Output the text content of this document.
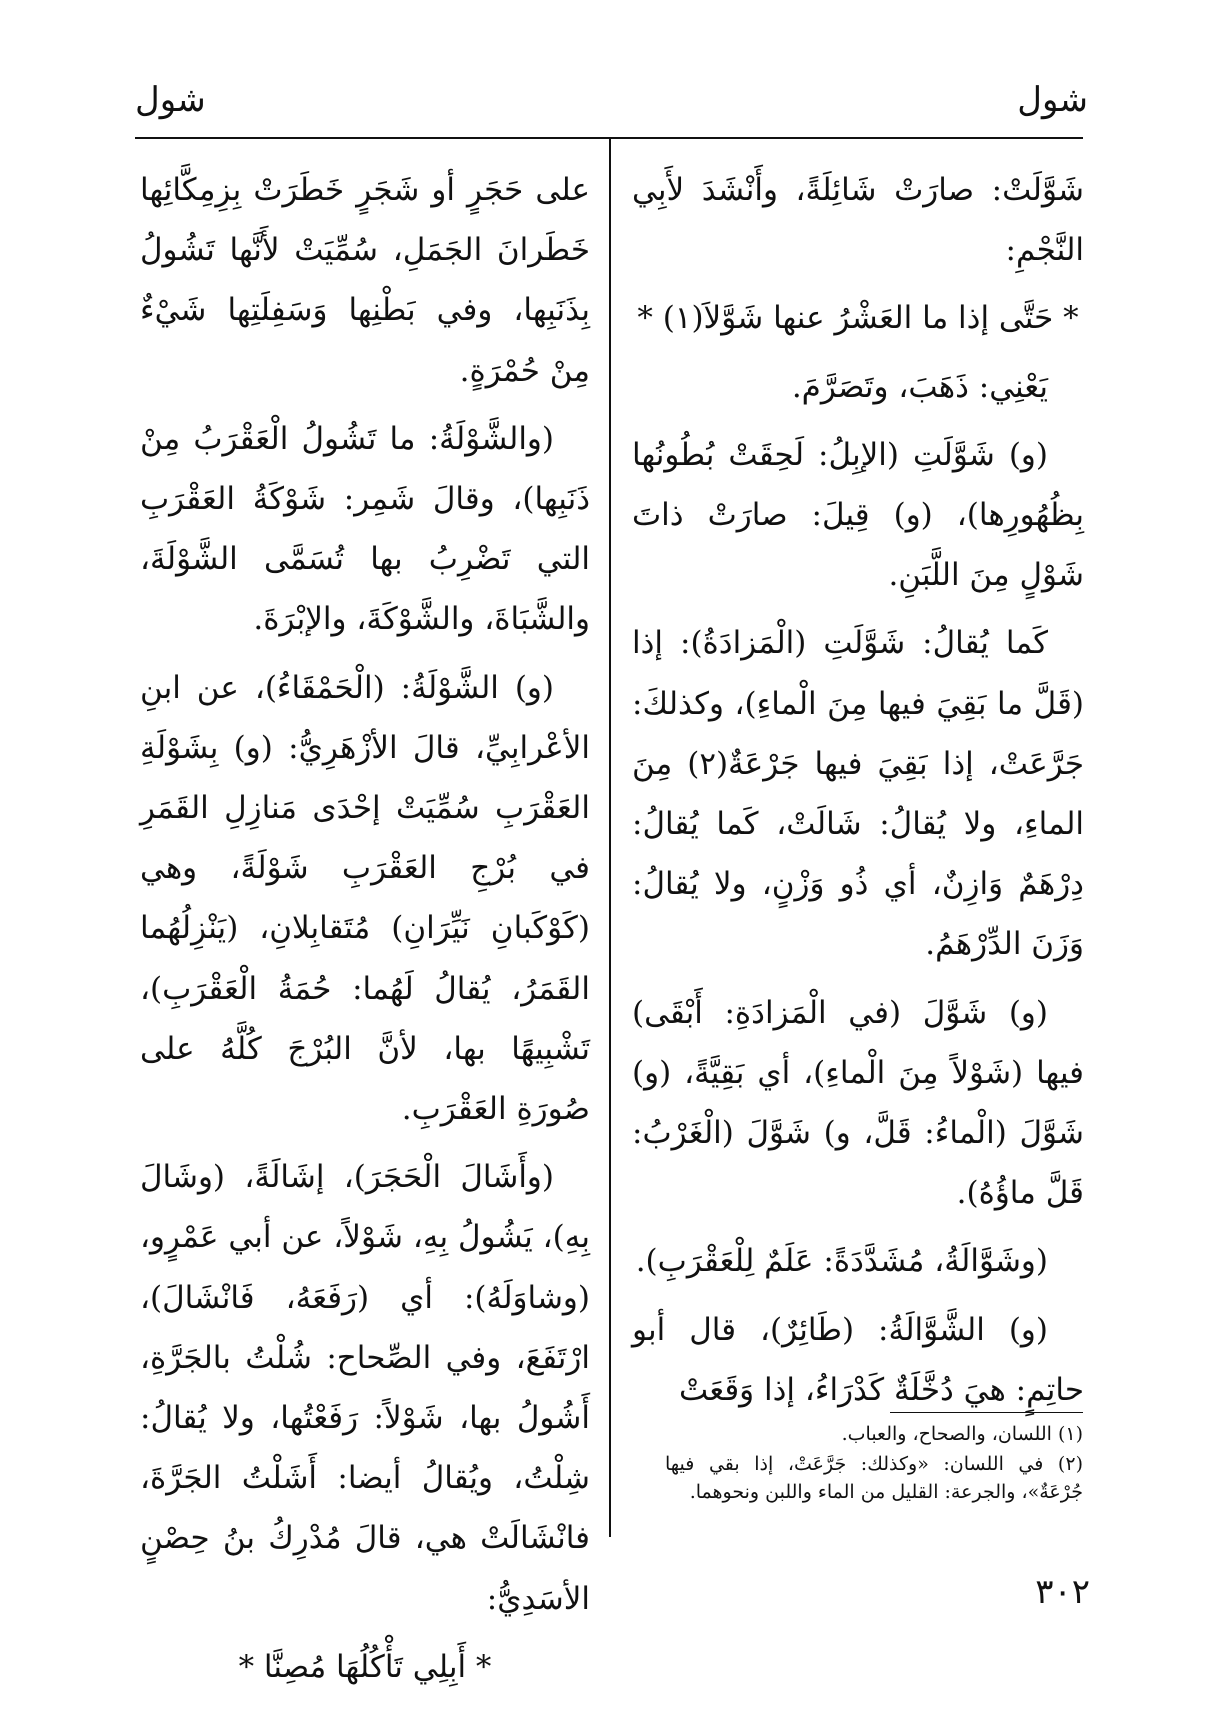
شول
شول

شَوَّلَتْ: صارَتْ شَائِلَةً، وأَنْشَدَ لأَبِي النَّجْمِ:

* حَتَّى إذا ما العَشْرُ عنها شَوَّلاَ(١) *

يَعْنِي: ذَهَبَ، وتَصَرَّمَ.

(و) شَوَّلَتِ (الإبِلُ: لَحِقَتْ بُطُونُها بِظُهُورِها)، (و) قِيلَ: صارَتْ ذاتَ شَوْلٍ مِنَ اللَّبَنِ.

كَما يُقالُ: شَوَّلَتِ (الْمَزادَةُ): إذا (قَلَّ ما بَقِيَ فيها مِنَ الْماءِ)، وكذلكَ: جَرَّعَتْ، إذا بَقِيَ فيها جَرْعَةٌ(٢) مِنَ الماءِ، ولا يُقالُ: شَالَتْ، كَما يُقالُ: دِرْهَمٌ وَازِنٌ، أي ذُو وَزْنٍ، ولا يُقالُ: وَزَنَ الدِّرْهَمُ.

(و) شَوَّلَ (في الْمَزادَةِ: أَبْقَى) فيها (شَوْلاً مِنَ الْماءِ)، أي بَقِيَّةً، (و) شَوَّلَ (الْماءُ: قَلَّ، و) شَوَّلَ (الْغَرْبُ: قَلَّ ماؤُهُ).

(وشَوَّالَةُ، مُشَدَّدَةً: عَلَمٌ لِلْعَقْرَبِ).

(و) الشَّوَّالَةُ: (طَائِرٌ)، قال أبو حاتِمٍ: هيَ دُخَّلَةٌ كَدْرَاءُ، إذا وَقَعَتْ

على حَجَرٍ أو شَجَرٍ خَطَرَتْ بِزِمِكَّائِها خَطَرانَ الجَمَلِ، سُمِّيَتْ لأَنَّها تَشُولُ بِذَنَبِها، وفي بَطْنِها وَسَفِلَتِها شَيْءٌ مِنْ حُمْرَةٍ.

(والشَّوْلَةُ: ما تَشُولُ الْعَقْرَبُ مِنْ ذَنَبِها)، وقالَ شَمِر: شَوْكَةُ العَقْرَبِ التي تَضْرِبُ بها تُسَمَّى الشَّوْلَةَ، والشَّبَاةَ، والشَّوْكَةَ، والإبْرَةَ.

(و) الشَّوْلَةُ: (الْحَمْقَاءُ)، عن ابنِ الأعْرابِيِّ، قالَ الأزْهَرِيُّ: (و) بِشَوْلَةِ العَقْرَبِ سُمِّيَتْ إحْدَى مَنازِلِ القَمَرِ في بُرْجِ العَقْرَبِ شَوْلَةً، وهي (كَوْكَبانِ نَيِّرَانِ) مُتَقابِلانِ، (يَنْزِلُهُما القَمَرُ، يُقالُ لَهُما: حُمَةُ الْعَقْرَبِ)، تَشْبِيهًا بها، لأنَّ البُرْجَ كُلَّهُ على صُورَةِ العَقْرَبِ.

(وأَشَالَ الْحَجَرَ)، إشَالَةً، (وشَالَ بِهِ)، يَشُولُ بِهِ، شَوْلاً، عن أبي عَمْرٍو، (وشاوَلَهُ): أي (رَفَعَهُ، فَانْشَالَ)، ارْتَفَعَ، وفي الصِّحاح: شُلْتُ بالجَرَّةِ، أَشُولُ بها، شَوْلاً: رَفَعْتُها، ولا يُقالُ: شِلْتُ، ويُقالُ أيضا: أَشَلْتُ الجَرَّةَ، فانْشَالَتْ هي، قالَ مُدْرِكُ بنُ حِصْنٍ الأسَدِيُّ:

* أَبِلِي تَأْكُلُهَا مُصِنَّا *

(١) اللسان، والصحاح، والعباب.

(٢) في اللسان: «وكذلك: جَرَّعَتْ، إذا بقي فيها جُرْعَةٌ»، والجرعة: القليل من الماء واللبن ونحوهما.

٣٠٢
